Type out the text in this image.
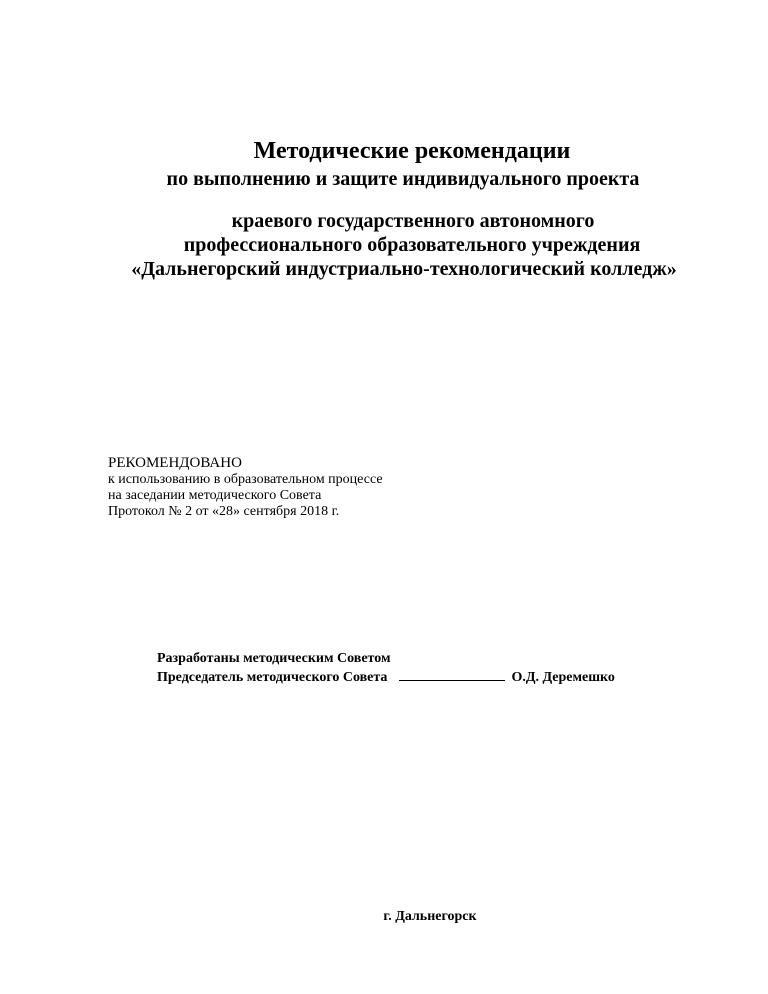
Методические рекомендации
по выполнению и защите индивидуального проекта
краевого государственного автономного
профессионального образовательного учреждения
«Дальнегорский индустриально-технологический колледж»
РЕКОМЕНДОВАНО
к использованию в образовательном процессе
на заседании методического Совета
Протокол № 2 от «28» сентября 2018 г.
Разработаны методическим Советом
Председатель методического Совета	О.Д. Деремешко
г. Дальнегорск
